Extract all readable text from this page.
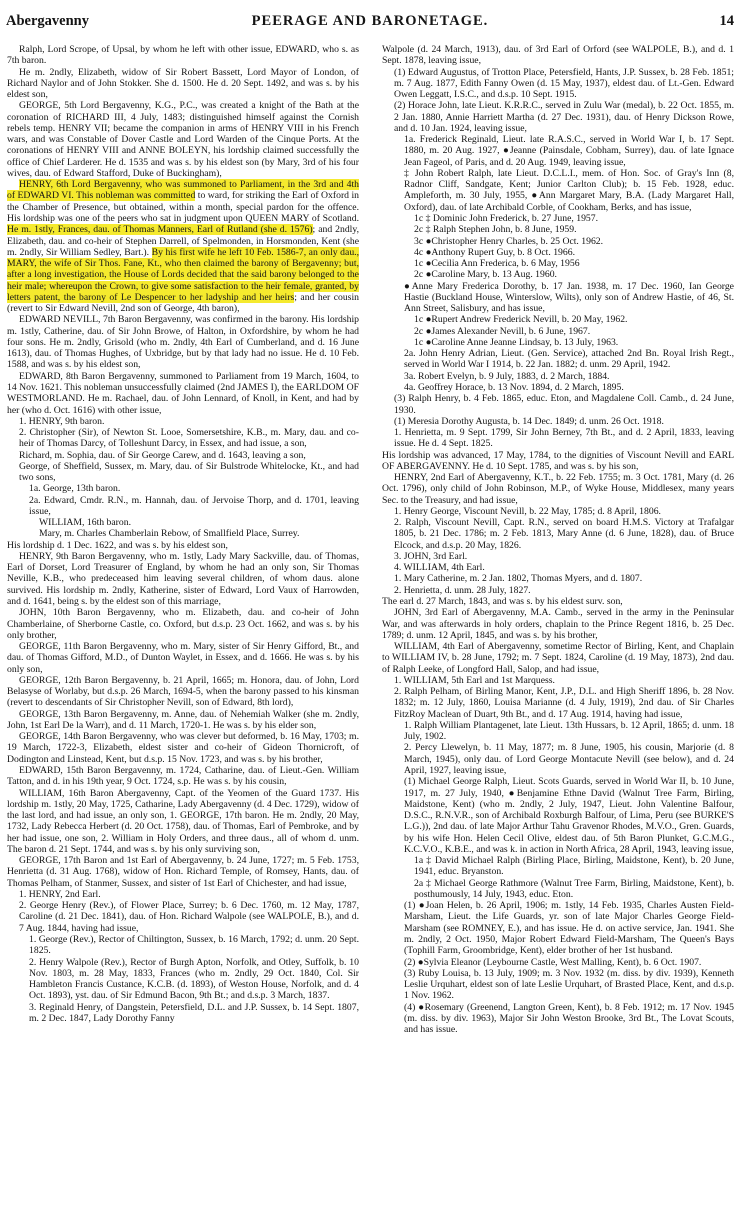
Abergavenny	PEERAGE AND BARONETAGE.	14

Ralph, Lord Scrope, of Upsal, by whom he left with other issue, EDWARD, who s. as 7th baron.

He m. 2ndly, Elizabeth, widow of Sir Robert Bassett, Lord Mayor of London, of Richard Naylor and of John Stokker. She d. 1500. He d. 20 Sept. 1492, and was s. by his eldest son,

GEORGE, 5th Lord Bergavenny, K.G., P.C., was created a knight of the Bath at the coronation of RICHARD III, 4 July, 1483; distinguished himself against the Cornish rebels temp. HENRY VII; became the companion in arms of HENRY VIII in his French wars, and was Constable of Dover Castle and Lord Warden of the Cinque Ports. At the coronations of HENRY VIII and ANNE BOLEYN, his lordship claimed successfully the office of Chief Larderer. He d. 1535 and was s. by his eldest son (by Mary, 3rd of his four wives, dau. of Edward Stafford, Duke of Buckingham),

HENRY, 6th Lord Bergavenny, who was summoned to Parliament, in the 3rd and 4th of EDWARD VI. This nobleman was committed to ward, for striking the Earl of Oxford in the Chamber of Presence, but obtained, within a month, special pardon for the offence. His lordship was one of the peers who sat in judgment upon QUEEN MARY of Scotland. He m. 1stly, Frances, dau. of Thomas Manners, Earl of Rutland (she d. 1576); and 2ndly, Elizabeth, dau. and co-heir of Stephen Darrell, of Spelmonden, in Horsmonden, Kent (she m. 2ndly, Sir William Sedley, Bart.). By his first wife he left 10 Feb. 1586-7, an only dau., MARY, the wife of Sir Thos. Fane, Kt., who then claimed the barony of Bergavenny; but, after a long investigation, the House of Lords decided that the said barony belonged to the heir male; whereupon the Crown, to give some satisfaction to the heir female, granted, by letters patent, the barony of Le Despencer to her ladyship and her heirs; and her cousin (revert to Sir Edward Nevill, 2nd son of George, 4th baron),

EDWARD NEVILL, 7th Baron Bergavenny, was confirmed in the barony. His lordship m. 1stly, Catherine, dau. of Sir John Browe, of Halton, in Oxfordshire, by whom he had four sons. He m. 2ndly, Grisold (who m. 2ndly, 4th Earl of Cumberland, and d. 16 June 1613), dau. of Thomas Hughes, of Uxbridge, but by that lady had no issue. He d. 10 Feb. 1588, and was s. by his eldest son,

EDWARD, 8th Baron Bergavenny, summoned to Parliament from 19 March, 1604, to 14 Nov. 1621. This nobleman unsuccessfully claimed (2nd JAMES I), the EARLDOM OF WESTMORLAND. He m. Rachael, dau. of John Lennard, of Knoll, in Kent, and had by her (who d. Oct. 1616) with other issue,

1. HENRY, 9th baron.

2. Christopher (Sir), of Newton St. Looe, Somersetshire, K.B., m. Mary, dau. and co-heir of Thomas Darcy, of Tolleshunt Darcy, in Essex, and had issue, a son,

Richard, m. Sophia, dau. of Sir George Carew, and d. 1643, leaving a son,

George, of Sheffield, Sussex, m. Mary, dau. of Sir Bulstrode Whitelocke, Kt., and had two sons,

1a. George, 13th baron.

2a. Edward, Cmdr. R.N., m. Hannah, dau. of Jervoise Thorp, and d. 1701, leaving issue,

WILLIAM, 16th baron.

Mary, m. Charles Chamberlain Rebow, of Smallfield Place, Surrey.

His lordship d. 1 Dec. 1622, and was s. by his eldest son,

HENRY, 9th Baron Bergavenny, who m. 1stly, Lady Mary Sackville, dau. of Thomas, Earl of Dorset, Lord Treasurer of England, by whom he had an only son, Sir Thomas Neville, K.B., who predeceased him leaving several children, of whom daus. alone survived. His lordship m. 2ndly, Katherine, sister of Edward, Lord Vaux of Harrowden, and d. 1641, being s. by the eldest son of this marriage,

JOHN, 10th Baron Bergavenny, who m. Elizabeth, dau. and co-heir of John Chamberlaine, of Sherborne Castle, co. Oxford, but d.s.p. 23 Oct. 1662, and was s. by his only brother,

GEORGE, 11th Baron Bergavenny, who m. Mary, sister of Sir Henry Gifford, Bt., and dau. of Thomas Gifford, M.D., of Dunton Waylet, in Essex, and d. 1666. He was s. by his only son,

GEORGE, 12th Baron Bergavenny, b. 21 April, 1665; m. Honora, dau. of John, Lord Belasyse of Worlaby, but d.s.p. 26 March, 1694-5, when the barony passed to his kinsman (revert to descendants of Sir Christopher Nevill, son of Edward, 8th lord),

GEORGE, 13th Baron Bergavenny, m. Anne, dau. of Nehemiah Walker (she m. 2ndly, John, 1st Earl De la Warr), and d. 11 March, 1720-1. He was s. by his elder son,

GEORGE, 14th Baron Bergavenny, who was clever but deformed, b. 16 May, 1703; m. 19 March, 1722-3, Elizabeth, eldest sister and co-heir of Gideon Thornicroft, of Dodington and Linstead, Kent, but d.s.p. 15 Nov. 1723, and was s. by his brother,

EDWARD, 15th Baron Bergavenny, m. 1724, Catharine, dau. of Lieut.-Gen. William Tatton, and d. in his 19th year, 9 Oct. 1724, s.p. He was s. by his cousin,

WILLIAM, 16th Baron Abergavenny, Capt. of the Yeomen of the Guard 1737. His lordship m. 1stly, 20 May, 1725, Catharine, Lady Abergavenny (d. 4 Dec. 1729), widow of the last lord, and had issue, an only son, 1. GEORGE, 17th baron. He m. 2ndly, 20 May, 1732, Lady Rebecca Herbert (d. 20 Oct. 1758), dau. of Thomas, Earl of Pembroke, and by her had issue, one son, 2. William in Holy Orders, and three daus., all of whom d. unm. The baron d. 21 Sept. 1744, and was s. by his only surviving son,

GEORGE, 17th Baron and 1st Earl of Abergavenny, b. 24 June, 1727; m. 5 Feb. 1753, Henrietta (d. 31 Aug. 1768), widow of Hon. Richard Temple, of Romsey, Hants, dau. of Thomas Pelham, of Stanmer, Sussex, and sister of 1st Earl of Chichester, and had issue,

1. HENRY, 2nd Earl.

2. George Henry (Rev.), of Flower Place, Surrey; b. 6 Dec. 1760, m. 12 May, 1787, Caroline (d. 21 Dec. 1841), dau. of Hon. Richard Walpole (see WALPOLE, B.), and d. 7 Aug. 1844, having had issue,

1. George (Rev.), Rector of Chiltington, Sussex, b. 16 March, 1792; d. unm. 20 Sept. 1825.

2. Henry Walpole (Rev.), Rector of Burgh Apton, Norfolk, and Otley, Suffolk, b. 10 Nov. 1803, m. 28 May, 1833, Frances (who m. 2ndly, 29 Oct. 1840, Col. Sir Hambleton Francis Custance, K.C.B. (d. 1893), of Weston House, Norfolk, and d. 4 Oct. 1893), yst. dau. of Sir Edmund Bacon, 9th Bt.; and d.s.p. 3 March, 1837.

3. Reginald Henry, of Dangstein, Petersfield, D.L. and J.P. Sussex, b. 14 Sept. 1807, m. 2 Dec. 1847, Lady Dorothy Fanny

Walpole (d. 24 March, 1913), dau. of 3rd Earl of Orford (see WALPOLE, B.), and d. 1 Sept. 1878, leaving issue,

(1) Edward Augustus, of Trotton Place, Petersfield, Hants, J.P. Sussex, b. 28 Feb. 1851; m. 7 Aug. 1877, Edith Fanny Owen (d. 15 May, 1937), eldest dau. of Lt.-Gen. Edward Owen Leggatt, I.S.C., and d.s.p. 10 Sept. 1915.

(2) Horace John, late Lieut. K.R.R.C., served in Zulu War (medal), b. 22 Oct. 1855, m. 2 Jan. 1880, Annie Harriett Martha (d. 27 Dec. 1931), dau. of Henry Dickson Rowe, and d. 10 Jan. 1924, leaving issue,

1a. Frederick Reginald, Lieut. late R.A.S.C., served in World War I, b. 17 Sept. 1880, m. 20 Aug. 1927, ●Jeanne (Painsdale, Cobham, Surrey), dau. of late Ignace Jean Fageol, of Paris, and d. 20 Aug. 1949, leaving issue,

‡ John Robert Ralph, late Lieut. D.C.L.I., mem. of Hon. Soc. of Gray's Inn (8, Radnor Cliff, Sandgate, Kent; Junior Carlton Club); b. 15 Feb. 1928, educ. Ampleforth, m. 30 July, 1955, ●Ann Margaret Mary, B.A. (Lady Margaret Hall, Oxford), dau. of late Archibald Corble, of Cookham, Berks, and has issue,

1c ‡ Dominic John Frederick, b. 27 June, 1957.

2c ‡ Ralph Stephen John, b. 8 June, 1959.

3c ●Christopher Henry Charles, b. 25 Oct. 1962.

4c ●Anthony Rupert Guy, b. 8 Oct. 1966.

1c ●Cecilia Ann Frederica, b. 6 May, 1956

2c ●Caroline Mary, b. 13 Aug. 1960.

●Anne Mary Frederica Dorothy, b. 17 Jan. 1938, m. 17 Dec. 1960, Ian George Hastie (Buckland House, Winterslow, Wilts), only son of Andrew Hastie, of 46, St. Ann Street, Salisbury, and has issue,

1c ●Rupert Andrew Frederick Nevill, b. 20 May, 1962.

2c ●James Alexander Nevill, b. 6 June, 1967.

1c ●Caroline Anne Jeanne Lindsay, b. 13 July, 1963.

2a. John Henry Adrian, Lieut. (Gen. Service), attached 2nd Bn. Royal Irish Regt., served in World War I 1914, b. 22 Jan. 1882; d. unm. 29 April, 1942.

3a. Robert Evelyn, b. 9 July, 1883, d. 2 March, 1884.

4a. Geoffrey Horace, b. 13 Nov. 1894, d. 2 March, 1895.

(3) Ralph Henry, b. 4 Feb. 1865, educ. Eton, and Magdalene Coll. Camb., d. 24 June, 1930.

(1) Meresia Dorothy Augusta, b. 14 Dec. 1849; d. unm. 26 Oct. 1918.

1. Henrietta, m. 9 Sept. 1799, Sir John Berney, 7th Bt., and d. 2 April, 1833, leaving issue. He d. 4 Sept. 1825.

His lordship was advanced, 17 May, 1784, to the dignities of Viscount Nevill and EARL OF ABERGAVENNY. He d. 10 Sept. 1785, and was s. by his son,

HENRY, 2nd Earl of Abergavenny, K.T., b. 22 Feb. 1755; m. 3 Oct. 1781, Mary (d. 26 Oct. 1796), only child of John Robinson, M.P., of Wyke House, Middlesex, many years Sec. to the Treasury, and had issue,

1. Henry George, Viscount Nevill, b. 22 May, 1785; d. 8 April, 1806.

2. Ralph, Viscount Nevill, Capt. R.N., served on board H.M.S. Victory at Trafalgar 1805, b. 21 Dec. 1786; m. 2 Feb. 1813, Mary Anne (d. 6 June, 1828), dau. of Bruce Elcock, and d.s.p. 20 May, 1826.

3. JOHN, 3rd Earl.

4. WILLIAM, 4th Earl.

1. Mary Catherine, m. 2 Jan. 1802, Thomas Myers, and d. 1807.

2. Henrietta, d. unm. 28 July, 1827.

The earl d. 27 March, 1843, and was s. by his eldest surv. son,

JOHN, 3rd Earl of Abergavenny, M.A. Camb., served in the army in the Peninsular War, and was afterwards in holy orders, chaplain to the Prince Regent 1816, b. 25 Dec. 1789; d. unm. 12 April, 1845, and was s. by his brother,

WILLIAM, 4th Earl of Abergavenny, sometime Rector of Birling, Kent, and Chaplain to WILLIAM IV, b. 28 June, 1792; m. 7 Sept. 1824, Caroline (d. 19 May, 1873), 2nd dau. of Ralph Leeke, of Longford Hall, Salop, and had issue,

1. WILLIAM, 5th Earl and 1st Marquess.

2. Ralph Pelham, of Birling Manor, Kent, J.P., D.L. and High Sheriff 1896, b. 28 Nov. 1832; m. 12 July, 1860, Louisa Marianne (d. 4 July, 1919), 2nd dau. of Sir Charles FitzRoy Maclean of Duart, 9th Bt., and d. 17 Aug. 1914, having had issue,

1. Ralph William Plantagenet, late Lieut. 13th Hussars, b. 12 April, 1865; d. unm. 18 July, 1902.

2. Percy Llewelyn, b. 11 May, 1877; m. 8 June, 1905, his cousin, Marjorie (d. 8 March, 1945), only dau. of Lord George Montacute Nevill (see below), and d. 24 April, 1927, leaving issue,

(1) Michael George Ralph, Lieut. Scots Guards, served in World War II, b. 10 June, 1917, m. 27 July, 1940, ●Benjamine Ethne David (Walnut Tree Farm, Birling, Maidstone, Kent) (who m. 2ndly, 2 July, 1947, Lieut. John Valentine Balfour, D.S.C., R.N.V.R., son of Archibald Roxburgh Balfour, of Lima, Peru (see BURKE'S L.G.)), 2nd dau. of late Major Arthur Tahu Gravenor Rhodes, M.V.O., Gren. Guards, by his wife Hon. Helen Cecil Olive, eldest dau. of 5th Baron Plunket, G.C.M.G., K.C.V.O., K.B.E., and was k. in action in North Africa, 28 April, 1943, leaving issue,

1a ‡ David Michael Ralph (Birling Place, Birling, Maidstone, Kent), b. 20 June, 1941, educ. Bryanston.

2a ‡ Michael George Rathmore (Walnut Tree Farm, Birling, Maidstone, Kent), b. posthumously, 14 July, 1943, educ. Eton.

(1) ●Joan Helen, b. 26 April, 1906; m. 1stly, 14 Feb. 1935, Charles Austen Field-Marsham, Lieut. the Life Guards, yr. son of late Major Charles George Field-Marsham (see ROMNEY, E.), and has issue. He d. on active service, Jan. 1941. She m. 2ndly, 2 Oct. 1950, Major Robert Edward Field-Marsham, The Queen's Bays (Tophill Farm, Groombridge, Kent), elder brother of her 1st husband.

(2) ●Sylvia Eleanor (Leybourne Castle, West Malling, Kent), b. 6 Oct. 1907.

(3) Ruby Louisa, b. 13 July, 1909; m. 3 Nov. 1932 (m. diss. by div. 1939), Kenneth Leslie Urquhart, eldest son of late Leslie Urquhart, of Brasted Place, Kent, and d.s.p. 1 Nov. 1962.

(4) ●Rosemary (Greenend, Langton Green, Kent), b. 8 Feb. 1912; m. 17 Nov. 1945 (m. diss. by div. 1963), Major Sir John Weston Brooke, 3rd Bt., The Lovat Scouts, and has issue.
